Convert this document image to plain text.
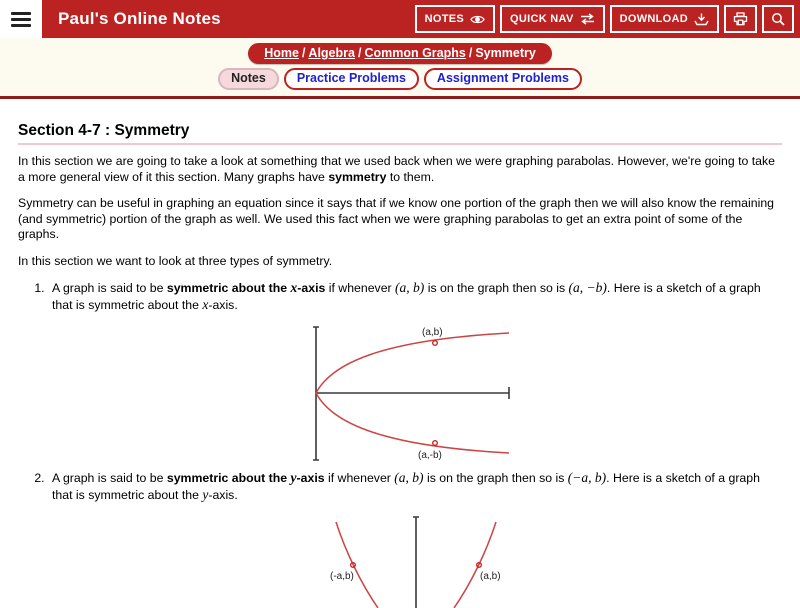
Paul's Online Notes	NOTES	QUICK NAV	DOWNLOAD
Home / Algebra / Common Graphs / Symmetry
Notes	Practice Problems	Assignment Problems
Section 4-7 : Symmetry

In this section we are going to take a look at something that we used back when we were graphing parabolas. However, we're going to take a more general view of it this section. Many graphs have symmetry to them.

Symmetry can be useful in graphing an equation since it says that if we know one portion of the graph then we will also know the remaining (and symmetric) portion of the graph as well. We used this fact when we were graphing parabolas to get an extra point of some of the graphs.

In this section we want to look at three types of symmetry.

1. A graph is said to be symmetric about the x-axis if whenever (a, b) is on the graph then so is (a, −b). Here is a sketch of a graph that is symmetric about the x-axis.
(a,b)
(a,-b)
2. A graph is said to be symmetric about the y-axis if whenever (a, b) is on the graph then so is (−a, b). Here is a sketch of a graph that is symmetric about the y-axis.
(-a,b)	(a,b)
